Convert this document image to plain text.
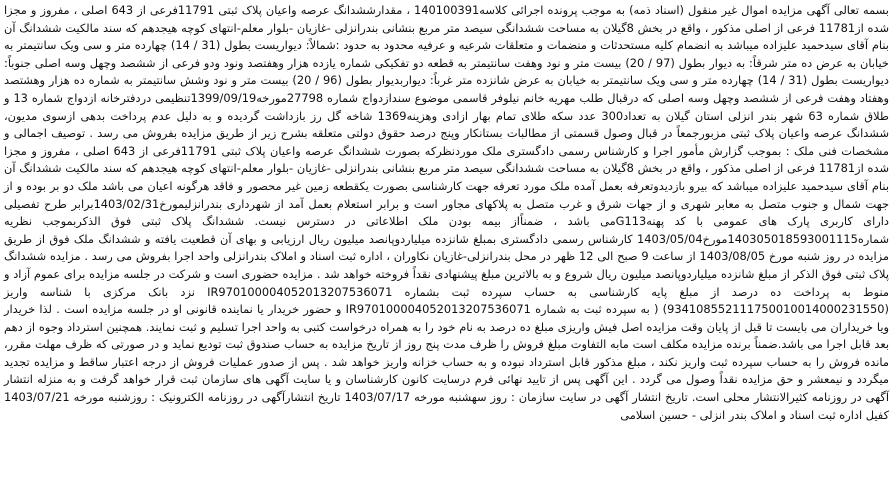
بسمه تعالی آگهی مزایده اموال غیر منقول (اسناد ذمه) به موجب پرونده اجرائی کلاسه140100391 ، مقدارششدانگ عرصه واعیان پلاک ثبتی 11791فرعی از 643 اصلی ، مفروز و مجزا شده از11781 فرعی از اصلی مذکور ، واقع در بخش 8گیلان به مساحت ششدانگی سیصد متر مربع بنشانی بندرانزلی -غازیان -بلوار معلم-انتهای کوچه هیجدهم که سند مالکیت ششدانگ آن بنام آقای سیدحمید علیزاده میباشد به انضمام کلیه مستحدثات و منضمات و متعلقات شرعیه و عرفیه محدود به حدود :شمالاً: دیواریست بطول (31 / 14) چهارده متر و سی ویک سانتیمتر به خیابان به عرض ده متر شرقاً: به دیوار بطول (97 / 20) بیست متر و نود وهفت سانتیمتر به قطعه دو تفکیکی شماره یازده هزار وهفتصد ونود ودو فرعی از ششصد وچهل وسه اصلی جنوباً: دیواریست بطول (31 / 14) چهارده متر و سی ویک سانتیمتر به خیابان به عرض شانزده متر غرباً: دیواربدیوار بطول (96 / 20) بیست متر و نود وشش سانتیمتر به شماره ده هزار وهشتصد وهفتاد وهفت فرعی از ششصد وچهل وسه اصلی که درقبال طلب مهریه خانم نیلوفر قاسمی موضوع سندازدواج شماره 27798مورخه1399/09/19تنظیمی دردفترخانه ازدواج شماره 13 و طلاق شماره 63 شهر بندر انزلی استان گیلان به تعداد300 عدد سکه طلای تمام بهار ازادی وهزینه1369 شاخه گل رز بازداشت گردیده و به دلیل عدم پرداخت بدهی ازسوی مدیون، ششدانگ عرصه واعیان پلاک ثبتی مزبورجمعاً در قبال وصول قسمتی از مطالبات بستانکار وپنج درصد حقوق دولتی متعلقه بشرح زیر از طریق مزایده بفروش می رسد . توصیف اجمالی و مشخصات فنی ملک : بموجب گزارش مأمور اجرا و کارشناس رسمی دادگستری ملک موردنظرکه بصورت ششدانگ عرصه واعیان پلاک ثبتی 11791فرعی از 643 اصلی ، مفروز و مجزا شده از11781 فرعی از اصلی مذکور ، واقع در بخش 8گیلان به مساحت ششدانگی سیصد متر مربع بنشانی بندرانزلی -غازیان -بلوار معلم-انتهای کوچه هیجدهم که سند مالکیت ششدانگ آن بنام آقای سیدحمید علیزاده میباشد که بیرو بازدیدوتعرفه بعمل آمده ملک مورد تعرفه جهت کارشناسی بصورت یکقطعه زمین غیر محصور و فاقد هرگونه اعیان می باشد ملک دو بر بوده و از جهت شمال و جنوب متصل به معابر شهری و از جهات شرق و غرب متصل به پلاکهای مجاور است و برابر استعلام بعمل آمد از شهرداری بندرانزلیمورخ1403/02/31برابر طرح تفصیلی دارای کاربری پارک های عمومی با کد پهنهG113می باشد ، ضمناًاز بیمه بودن ملک اطلاعاتی در دسترس نیست. ششدانگ پلاک ثبتی فوق الذکربموجب نظریه شماره140305018593001115مورخ1403/05/04 کارشناس رسمی دادگستری بمبلغ شانزده میلیاردوپانصد میلیون ریال ارزیابی و بهای آن قطعیت یافته و ششدانگ ملک فوق از طریق مزایده در روز شنبه مورخ 1403/08/05 از ساعت 9 صبح الی 12 ظهر در محل بندرانزلی-غازیان نکاوران ، اداره ثبت اسناد و املاک بندرانزلی واحد اجرا بفروش می رسد . مزایده ششدانگ پلاک ثبتی فوق الذکر از مبلغ شانزده میلیاردوپانصد میلیون ریال شروع و به بالاترین مبلغ پیشنهادی نقداً فروخته خواهد شد . مزایده حضوری است و شرکت در جلسه مزایده برای عموم آزاد و منوط به پرداخت ده درصد از مبلغ پایه کارشناسی به حساب سپرده ثبت بشماره IR970100004052013207536071 نزد بانک مرکزی با شناسه واریز (934108552111750010014000231550) ( به سپرده ثبت به شماره IR970100004052013207536071 و حضور خریدار یا نماینده قانونی او در جلسه مزایده است . لذا خریدار ویا خریداران می بایست تا قبل از پایان وقت مزایده اصل فیش واریزی مبلغ ده درصد به نام خود را به همراه درخواست کتبی به واحد اجرا تسلیم و ثبت نمایند. همچنین استرداد وجوه از دهم بعد قابل اجرا می باشد.ضمناً برنده مزایده مکلف است مابه التفاوت مبلغ فروش را ظرف مدت پنج روز از تاریخ مزایده به حساب صندوق ثبت تودیع نماید و در صورتی که ظرف مهلت مقرر، مانده فروش را به حساب سپرده ثبت واریز نکند ، مبلغ مذکور قابل استرداد نبوده و به حساب خزانه واریز خواهد شد . پس از صدور عملیات فروش از درجه اعتبار ساقط و مزایده تجدید میگردد و نیمعشر و حق مزایده نقداً وصول می گردد . این آگهی پس از تایید نهائی فرم درسایت کانون کارشناسان و یا سایت آگهی های سازمان ثبت قرار خواهد گرفت و به منزله انتشار آگهی در روزنامه کثیرالانتشار محلی است. تاریخ انتشار آگهی در سایت سازمان : روز سهشنبه مورخه 1403/07/17 تاریخ انتشارآگهی در روزنامه الکترونیک : روزشنبه مورخه 1403/07/21 کفیل اداره ثبت اسناد و املاک بندر انزلی - حسین اسلامی
